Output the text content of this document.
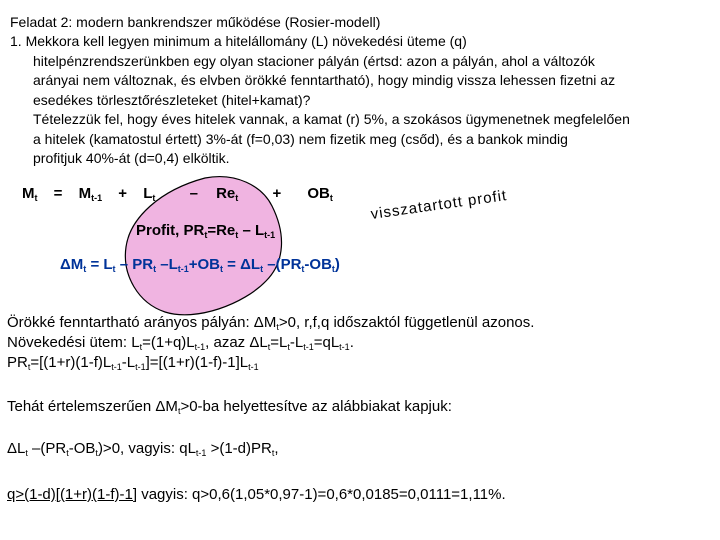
Feladat 2: modern bankrendszer működése (Rosier-modell)
1. Mekkora kell legyen minimum a hitelállomány (L) növekedési üteme (q)
hitelpénzrendszerünkben egy olyan stacioner pályán (értsd: azon a pályán, ahol a változók
arányai nem változnak, és elvben örökké fenntartható), hogy mindig vissza lehessen fizetni az
esedékes törlesztőrészleteket (hitel+kamat)?
Tételezzük fel, hogy éves hitelek vannak, a kamat (r) 5%, a szokásos ügymenetnek megfelelően
a hitelek (kamatostul értett) 3%-át (f=0,03) nem fizetik meg (csőd), és a bankok mindig
profitjuk 40%-át (d=0,4) elköltik.
$M_t = M_{t-1} + L_t - Re_t + OB_t$
Profit, $PR_t=Re_t - L_{t-1}$
visszatartott profit
$\Delta M_t = L_t - PR_t$ $-L_{t-1}+OB_t = \Delta L_t$ $-(PR_t-OB_t)$
Örökké fenntartható arányos pályán: $\Delta M_t>0$, r,f,q időszaktól függetlenül azonos.
Növekedési ütem: $L_t=(1+q)L_{t-1}$, azaz $\Delta L_t=L_t-L_{t-1}=qL_{t-1}$.
$PR_t=[(1+r)(1-f)L_{t-1}-L_{t-1}]=[(1+r)(1-f)-1]L_{t-1}$
Tehát értelemszerűen $\Delta M_t>0-ba$ helyettesítve az alábbiakat kapjuk:
$\Delta L_t$ $-(PR_t-OB_t)>0$, vagyis: $qL_{t-1} >(1-d)PR_t$,
q>(1-d)[(1+r)(1-f)-1] vagyis: q>0,6(1,05*0,97-1)=0,6*0,0185=0,0111=1,11%.
